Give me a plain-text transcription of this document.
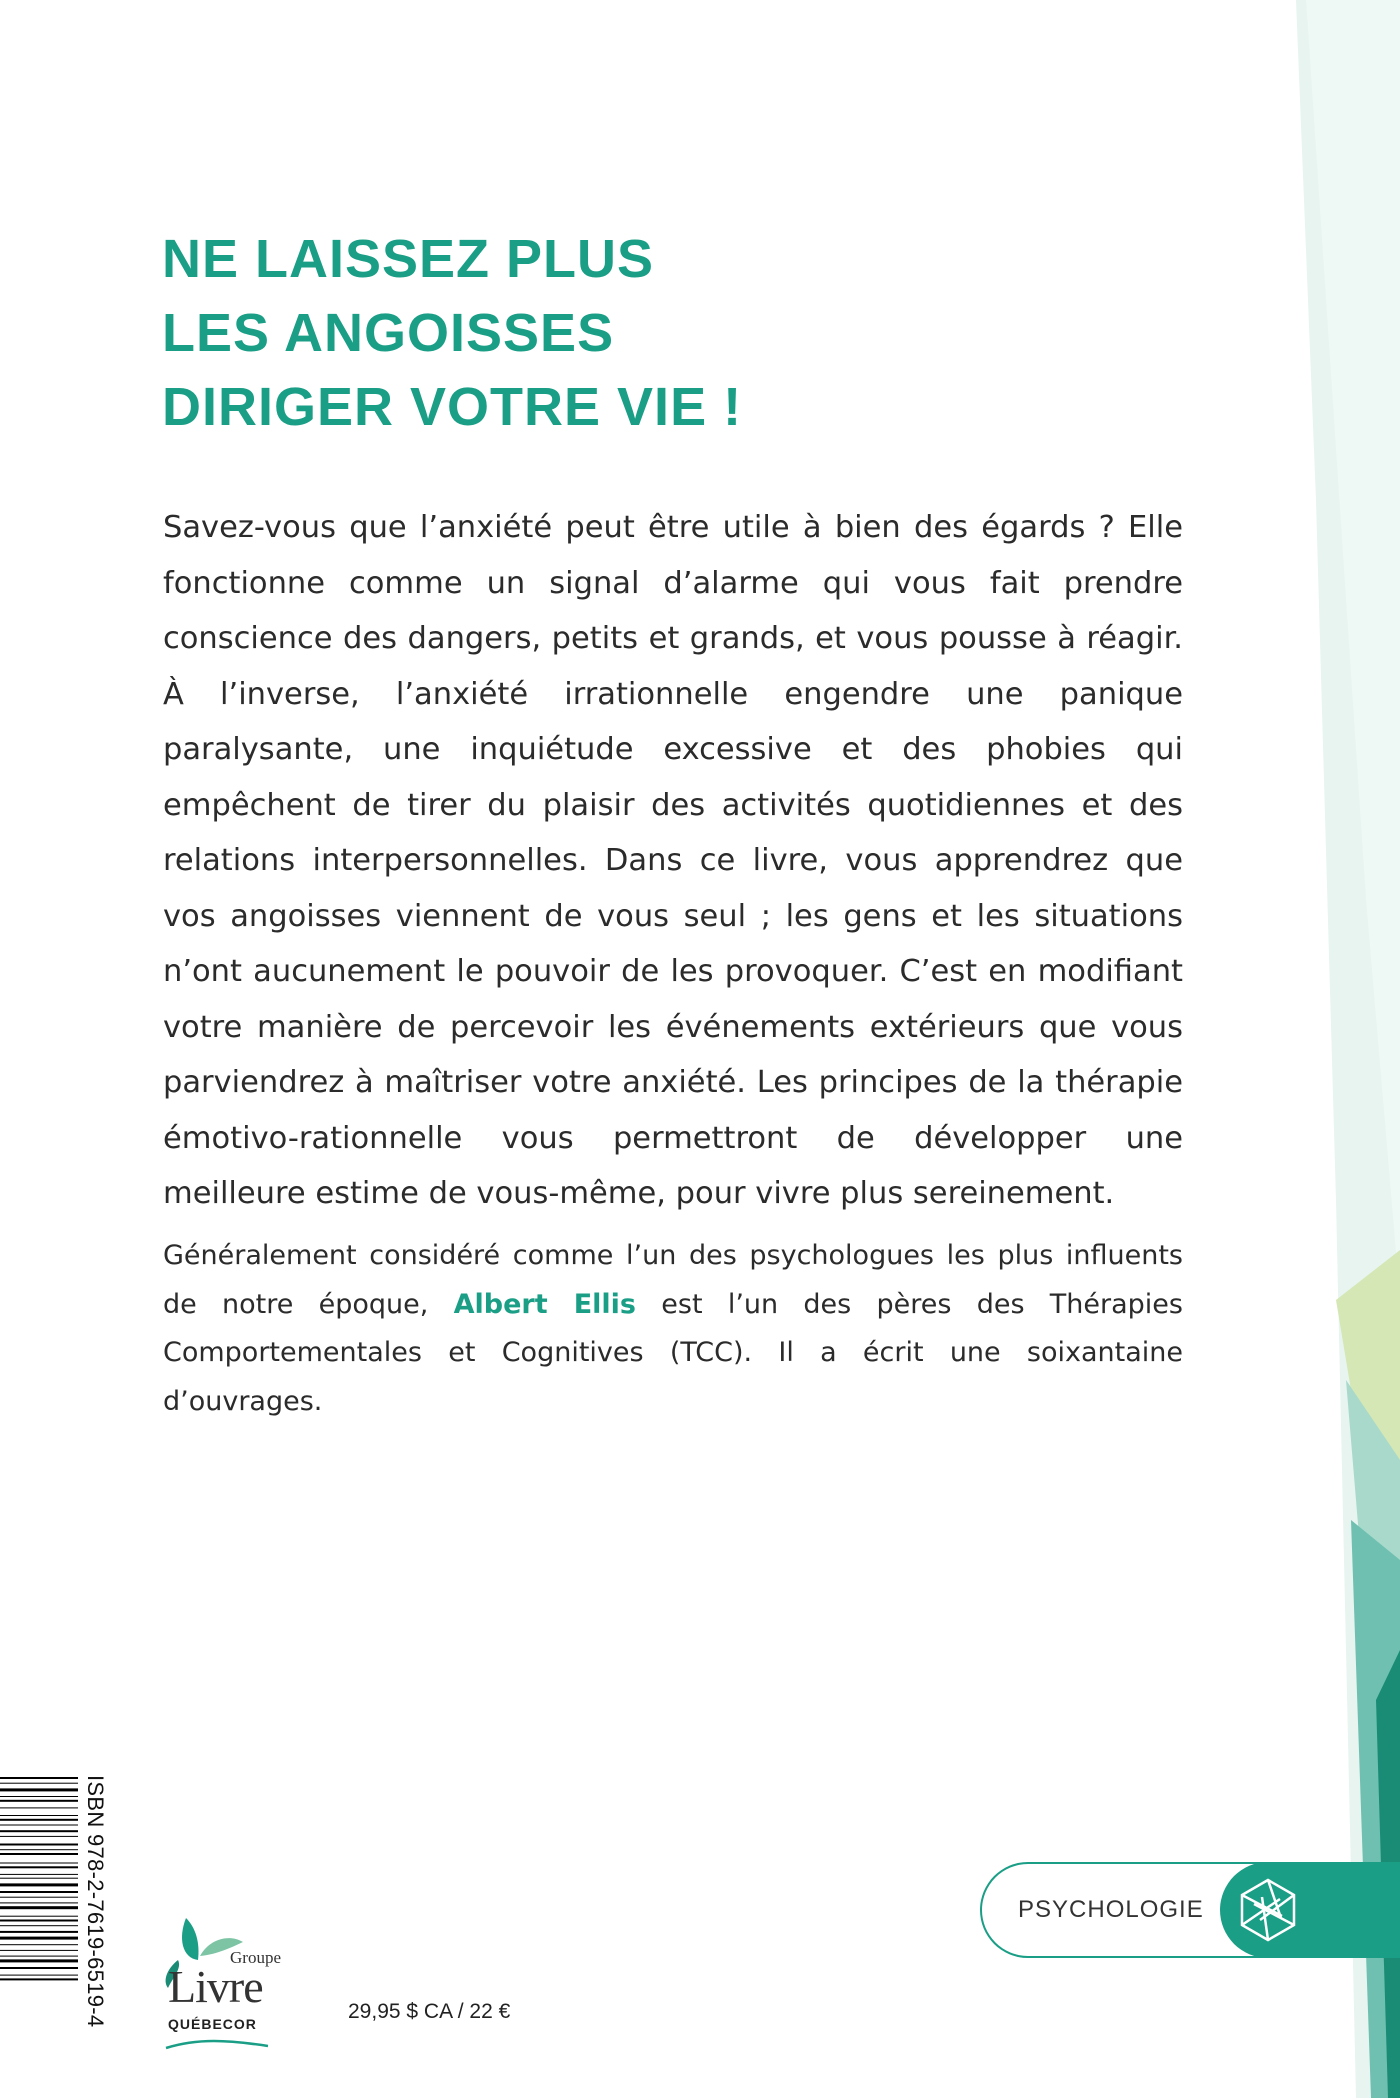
NE LAISSEZ PLUS
LES ANGOISSES
DIRIGER VOTRE VIE !
Savez-vous que l’anxiété peut être utile à bien des égards ? Elle fonctionne comme un signal d’alarme qui vous fait prendre conscience des dangers, petits et grands, et vous pousse à réagir. À l’inverse, l’anxiété irrationnelle engendre une panique paralysante, une inquiétude excessive et des phobies qui empêchent de tirer du plaisir des activités quotidiennes et des relations interpersonnelles. Dans ce livre, vous apprendrez que vos angoisses viennent de vous seul ; les gens et les situations n’ont aucunement le pouvoir de les provoquer. C’est en modifiant votre manière de percevoir les événements extérieurs que vous parviendrez à maîtriser votre anxiété. Les principes de la thérapie émotivo-rationnelle vous permettront de développer une meilleure estime de vous-même, pour vivre plus sereinement.
Généralement considéré comme l’un des psychologues les plus influents de notre époque, Albert Ellis est l’un des pères des Thérapies Comportementales et Cognitives (TCC). Il a écrit une soixantaine d’ouvrages.
ISBN 978-2-7619-6519-4	Groupe
Livre
QUÉBECOR
29,95 $ CA / 22 €
PSYCHOLOGIE
